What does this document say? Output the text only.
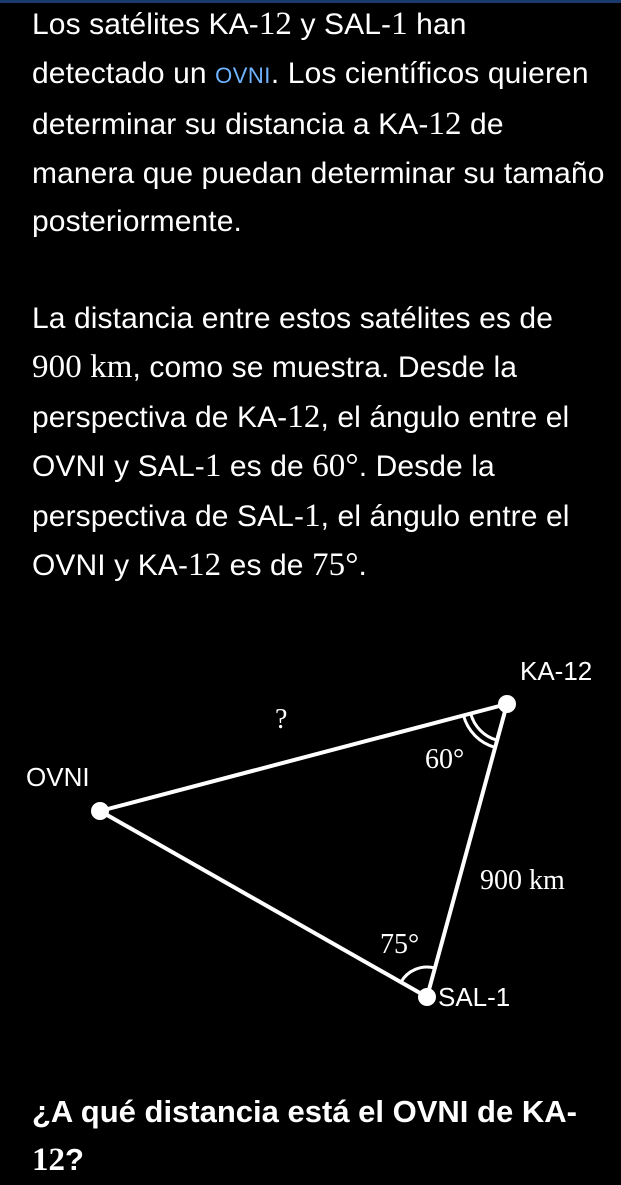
Los satélites KA-12 y SAL-1 han detectado un OVNI. Los científicos quieren determinar su distancia a KA-12 de manera que puedan determinar su tamaño posteriormente.

La distancia entre estos satélites es de 900 km, como se muestra. Desde la perspectiva de KA-12, el ángulo entre el OVNI y SAL-1 es de 60°. Desde la perspectiva de SAL-1, el ángulo entre el OVNI y KA-12 es de 75°.

KA-12
OVNI
SAL-1
?
900 km
60°
75°
¿A qué distancia está el OVNI de KA-12?
